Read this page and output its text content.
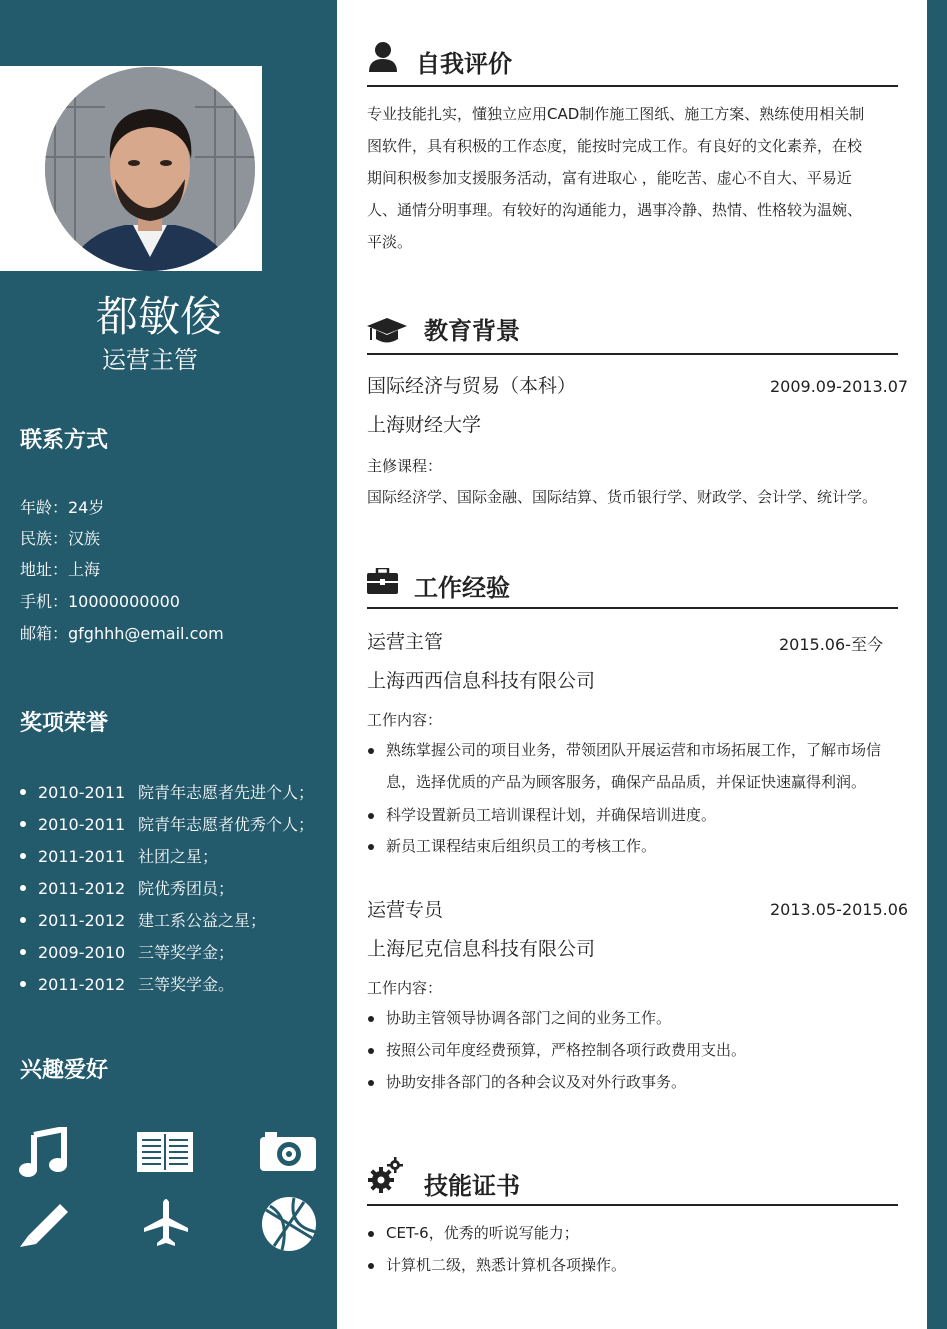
都敏俊
运营主管
联系方式
年龄：24岁
民族：汉族
地址：上海
手机：10000000000
邮箱：gfghhh@email.com
奖项荣誉
2010-2011 院青年志愿者先进个人；
2010-2011 院青年志愿者优秀个人；
2011-2011 社团之星；
2011-2012 院优秀团员；
2011-2012 建工系公益之星；
2009-2010 三等奖学金；
2011-2012 三等奖学金。
兴趣爱好
自我评价
专业技能扎实，懂独立应用CAD制作施工图纸、施工方案、熟练使用相关制
图软件，具有积极的工作态度，能按时完成工作。有良好的文化素养，在校
期间积极参加支援服务活动，富有进取心 ，能吃苦、虚心不自大、平易近
人、通情分明事理。有较好的沟通能力，遇事冷静、热情、性格较为温婉、
平淡。
教育背景
国际经济与贸易（本科）	2009.09-2013.07
上海财经大学
主修课程：
国际经济学、国际金融、国际结算、货币银行学、财政学、会计学、统计学。
工作经验
运营主管	2015.06-至今
上海西西信息科技有限公司
工作内容：
熟练掌握公司的项目业务，带领团队开展运营和市场拓展工作，了解市场信息，选择优质的产品为顾客服务，确保产品品质，并保证快速赢得利润。
科学设置新员工培训课程计划，并确保培训进度。
新员工课程结束后组织员工的考核工作。
运营专员	2013.05-2015.06
上海尼克信息科技有限公司
工作内容：
协助主管领导协调各部门之间的业务工作。
按照公司年度经费预算，严格控制各项行政费用支出。
协助安排各部门的各种会议及对外行政事务。
技能证书
CET-6，优秀的听说写能力；
计算机二级，熟悉计算机各项操作。
